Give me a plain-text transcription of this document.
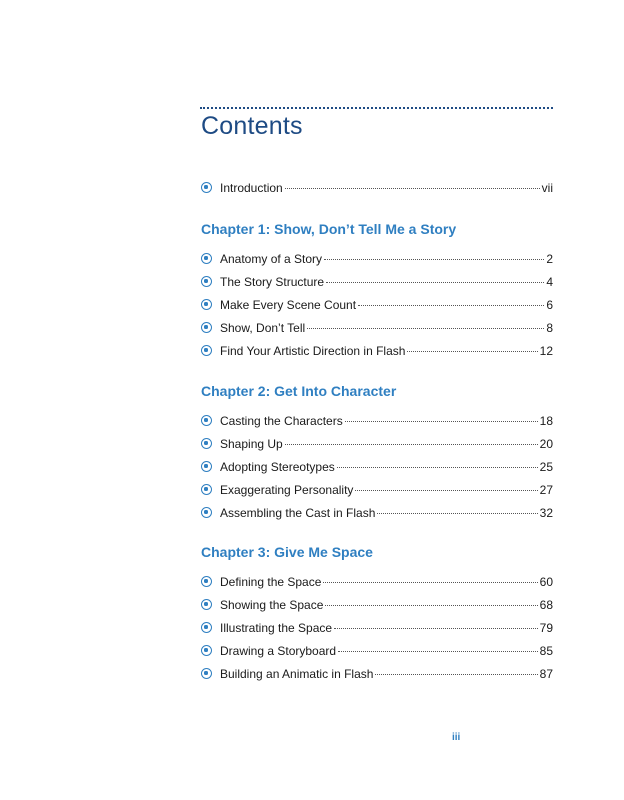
Contents
Introduction	vii
Chapter 1: Show, Don’t Tell Me a Story
Anatomy of a Story	2
The Story Structure	4
Make Every Scene Count	6
Show, Don’t Tell	8
Find Your Artistic Direction in Flash	12
Chapter 2: Get Into Character
Casting the Characters	18
Shaping Up	20
Adopting Stereotypes	25
Exaggerating Personality	27
Assembling the Cast in Flash	32
Chapter 3: Give Me Space
Defining the Space	60
Showing the Space	68
Illustrating the Space	79
Drawing a Storyboard	85
Building an Animatic in Flash	87
iii
